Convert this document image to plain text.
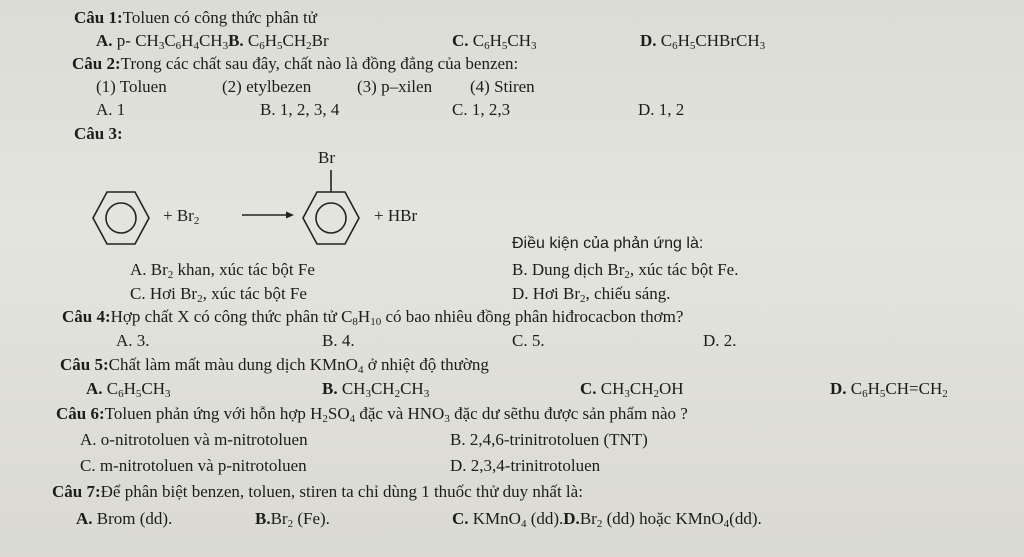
Câu 1:Toluen có công thức phân tử
A. p- $CH_3C_6H_4CH_3B$. $C_6H_5CH_2Br$	C. $C_6H_5CH_3$	D. $C_6H_5CHBrCH_3$
Câu 2:Trong các chất sau đây, chất nào là đồng đẳng của benzen:
(1) Toluen	(2) etylbezen	(3) p–xilen (4) Stiren
A. 1	B. 1, 2, 3, 4	C. 1, 2,3	D. 1, 2
Câu 3:
+ $Br_2$
Br
+ HBr
Điều kiện của phản ứng là:
A. $Br_2$ khan, xúc tác bột Fe	B. Dung dịch $Br_2$, xúc tác bột Fe.
C. Hơi $Br_2$, xúc tác bột Fe	D. Hơi $Br_2$, chiếu sáng.
Câu 4:Hợp chất X có công thức phân tử $C_8H_{10}$ có bao nhiêu đồng phân hiđrocacbon thơm?
A. 3.	B. 4.	C. 5.	D. 2.
Câu 5:Chất làm mất màu dung dịch KMnO$_4$ ở nhiệt độ thường
A. $C_6H_5CH_3$	B. $CH_3CH_2CH_3$	C. $CH_3CH_2OH$	D. $C_6H_5CH=CH_2$
Câu 6:Toluen phản ứng với hỗn hợp $H_2SO_4$ đặc và $HNO_3$ đặc dư sẽthu được sản phẩm nào ?
A. o-nitrotoluen và m-nitrotoluen	B. 2,4,6-trinitrotoluen (TNT)
C. m-nitrotoluen và p-nitrotoluen	D. 2,3,4-trinitrotoluen
Câu 7:Để phân biệt benzen, toluen, stiren ta chỉ dùng 1 thuốc thử duy nhất là:
A. Brom (dd).	$B.Br_2$ (Fe).	C. KMnO$_4$ $(dd).D.Br_2$ (dd) hoặc KMnO$_4$(dd).
